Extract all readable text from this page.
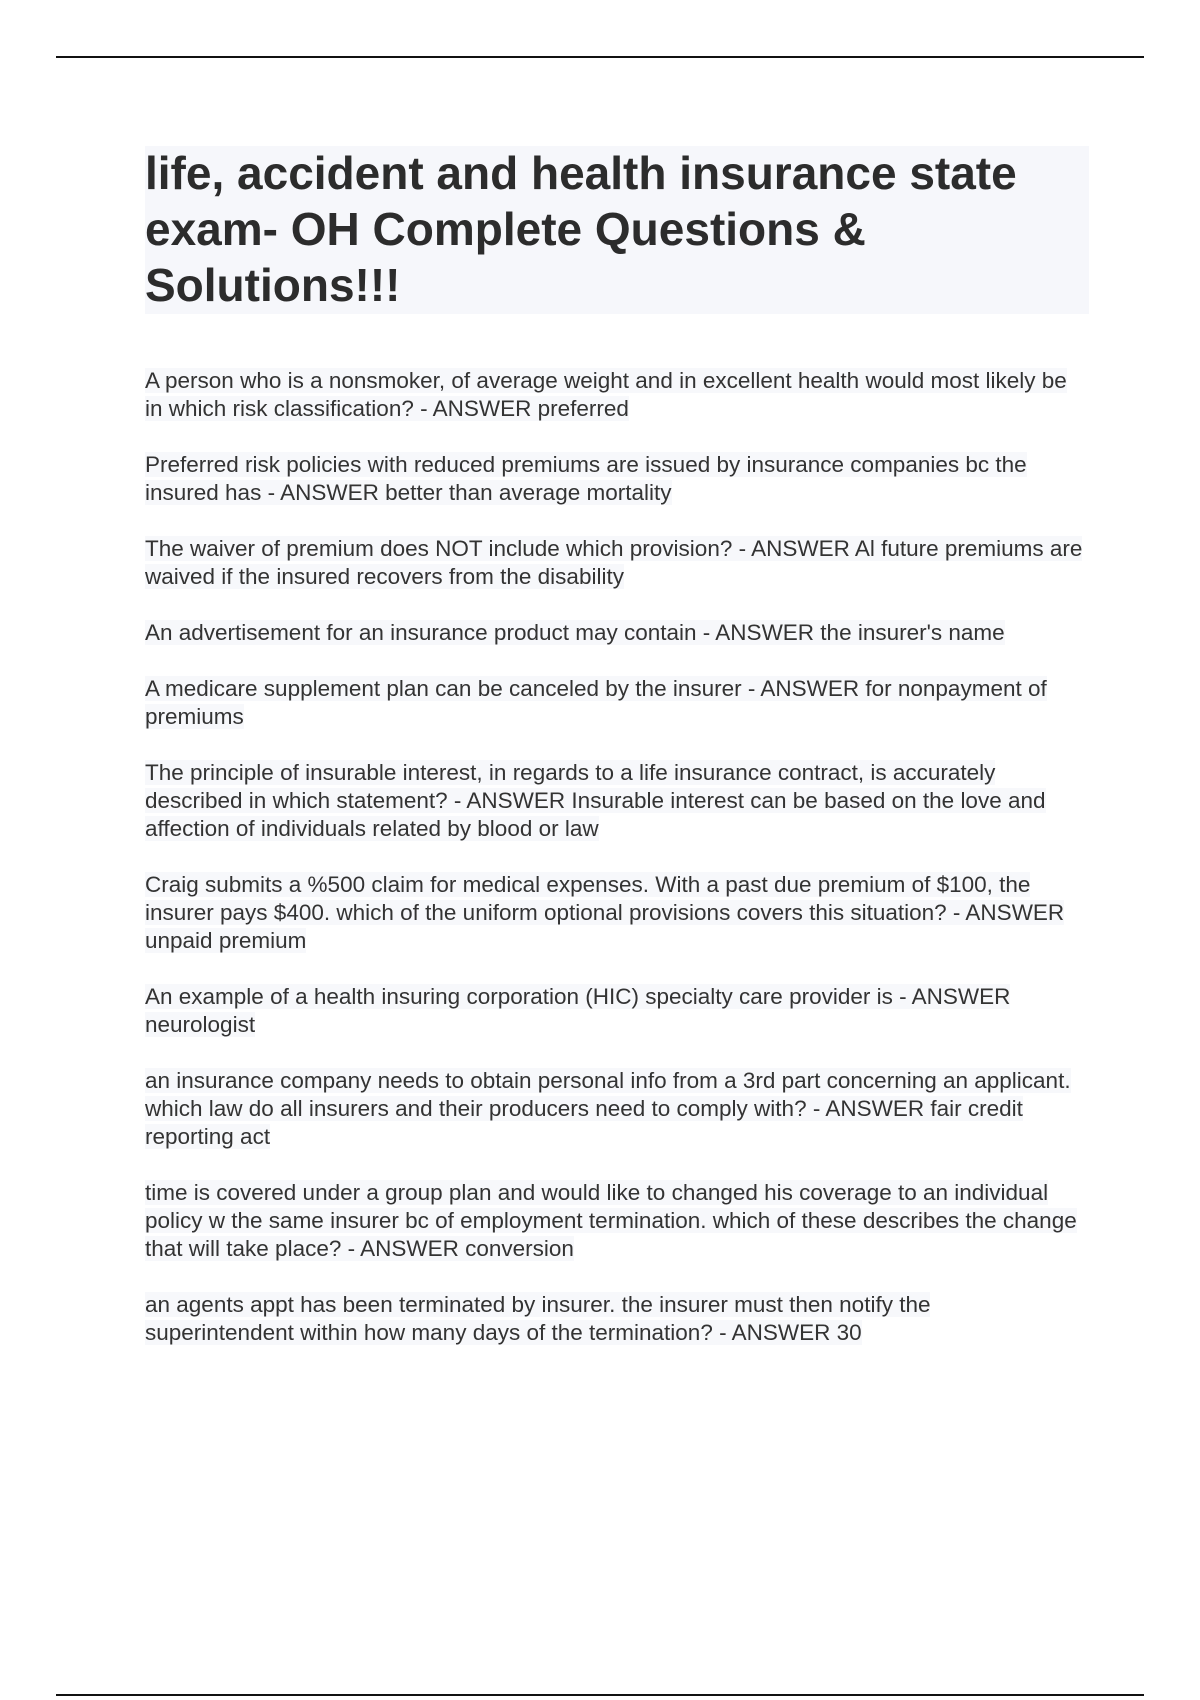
life, accident and health insurance state exam- OH Complete Questions & Solutions!!!
A person who is a nonsmoker, of average weight and in excellent health would most likely be in which risk classification? - ANSWER preferred
Preferred risk policies with reduced premiums are issued by insurance companies bc the insured has - ANSWER better than average mortality
The waiver of premium does NOT include which provision? - ANSWER Al future premiums are waived if the insured recovers from the disability
An advertisement for an insurance product may contain - ANSWER the insurer's name
A medicare supplement plan can be canceled by the insurer - ANSWER for nonpayment of premiums
The principle of insurable interest, in regards to a life insurance contract, is accurately described in which statement? - ANSWER Insurable interest can be based on the love and affection of individuals related by blood or law
Craig submits a %500 claim for medical expenses. With a past due premium of $100, the insurer pays $400. which of the uniform optional provisions covers this situation? - ANSWER unpaid premium
An example of a health insuring corporation (HIC) specialty care provider is - ANSWER neurologist
an insurance company needs to obtain personal info from a 3rd part concerning an applicant. which law do all insurers and their producers need to comply with? - ANSWER fair credit reporting act
time is covered under a group plan and would like to changed his coverage to an individual policy w the same insurer bc of employment termination. which of these describes the change that will take place? - ANSWER conversion
an agents appt has been terminated by insurer. the insurer must then notify the superintendent within how many days of the termination? - ANSWER 30
